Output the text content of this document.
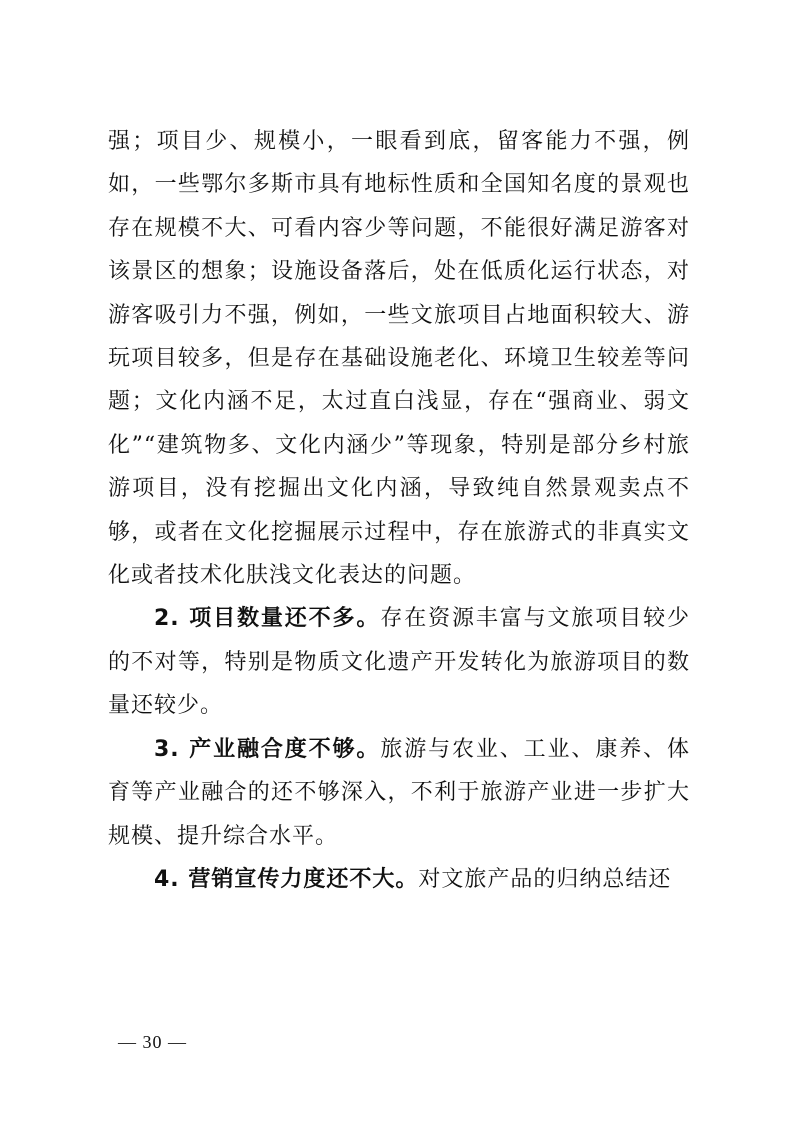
强；项目少、规模小，一眼看到底，留客能力不强，例如，一些鄂尔多斯市具有地标性质和全国知名度的景观也存在规模不大、可看内容少等问题，不能很好满足游客对该景区的想象；设施设备落后，处在低质化运行状态，对游客吸引力不强，例如，一些文旅项目占地面积较大、游玩项目较多，但是存在基础设施老化、环境卫生较差等问题；文化内涵不足，太过直白浅显，存在“强商业、弱文化”“建筑物多、文化内涵少”等现象，特别是部分乡村旅游项目，没有挖掘出文化内涵，导致纯自然景观卖点不够，或者在文化挖掘展示过程中，存在旅游式的非真实文化或者技术化肤浅文化表达的问题。

2. 项目数量还不多。存在资源丰富与文旅项目较少的不对等，特别是物质文化遗产开发转化为旅游项目的数量还较少。

3. 产业融合度不够。旅游与农业、工业、康养、体育等产业融合的还不够深入，不利于旅游产业进一步扩大规模、提升综合水平。

4. 营销宣传力度还不大。对文旅产品的归纳总结还

— 30 —
